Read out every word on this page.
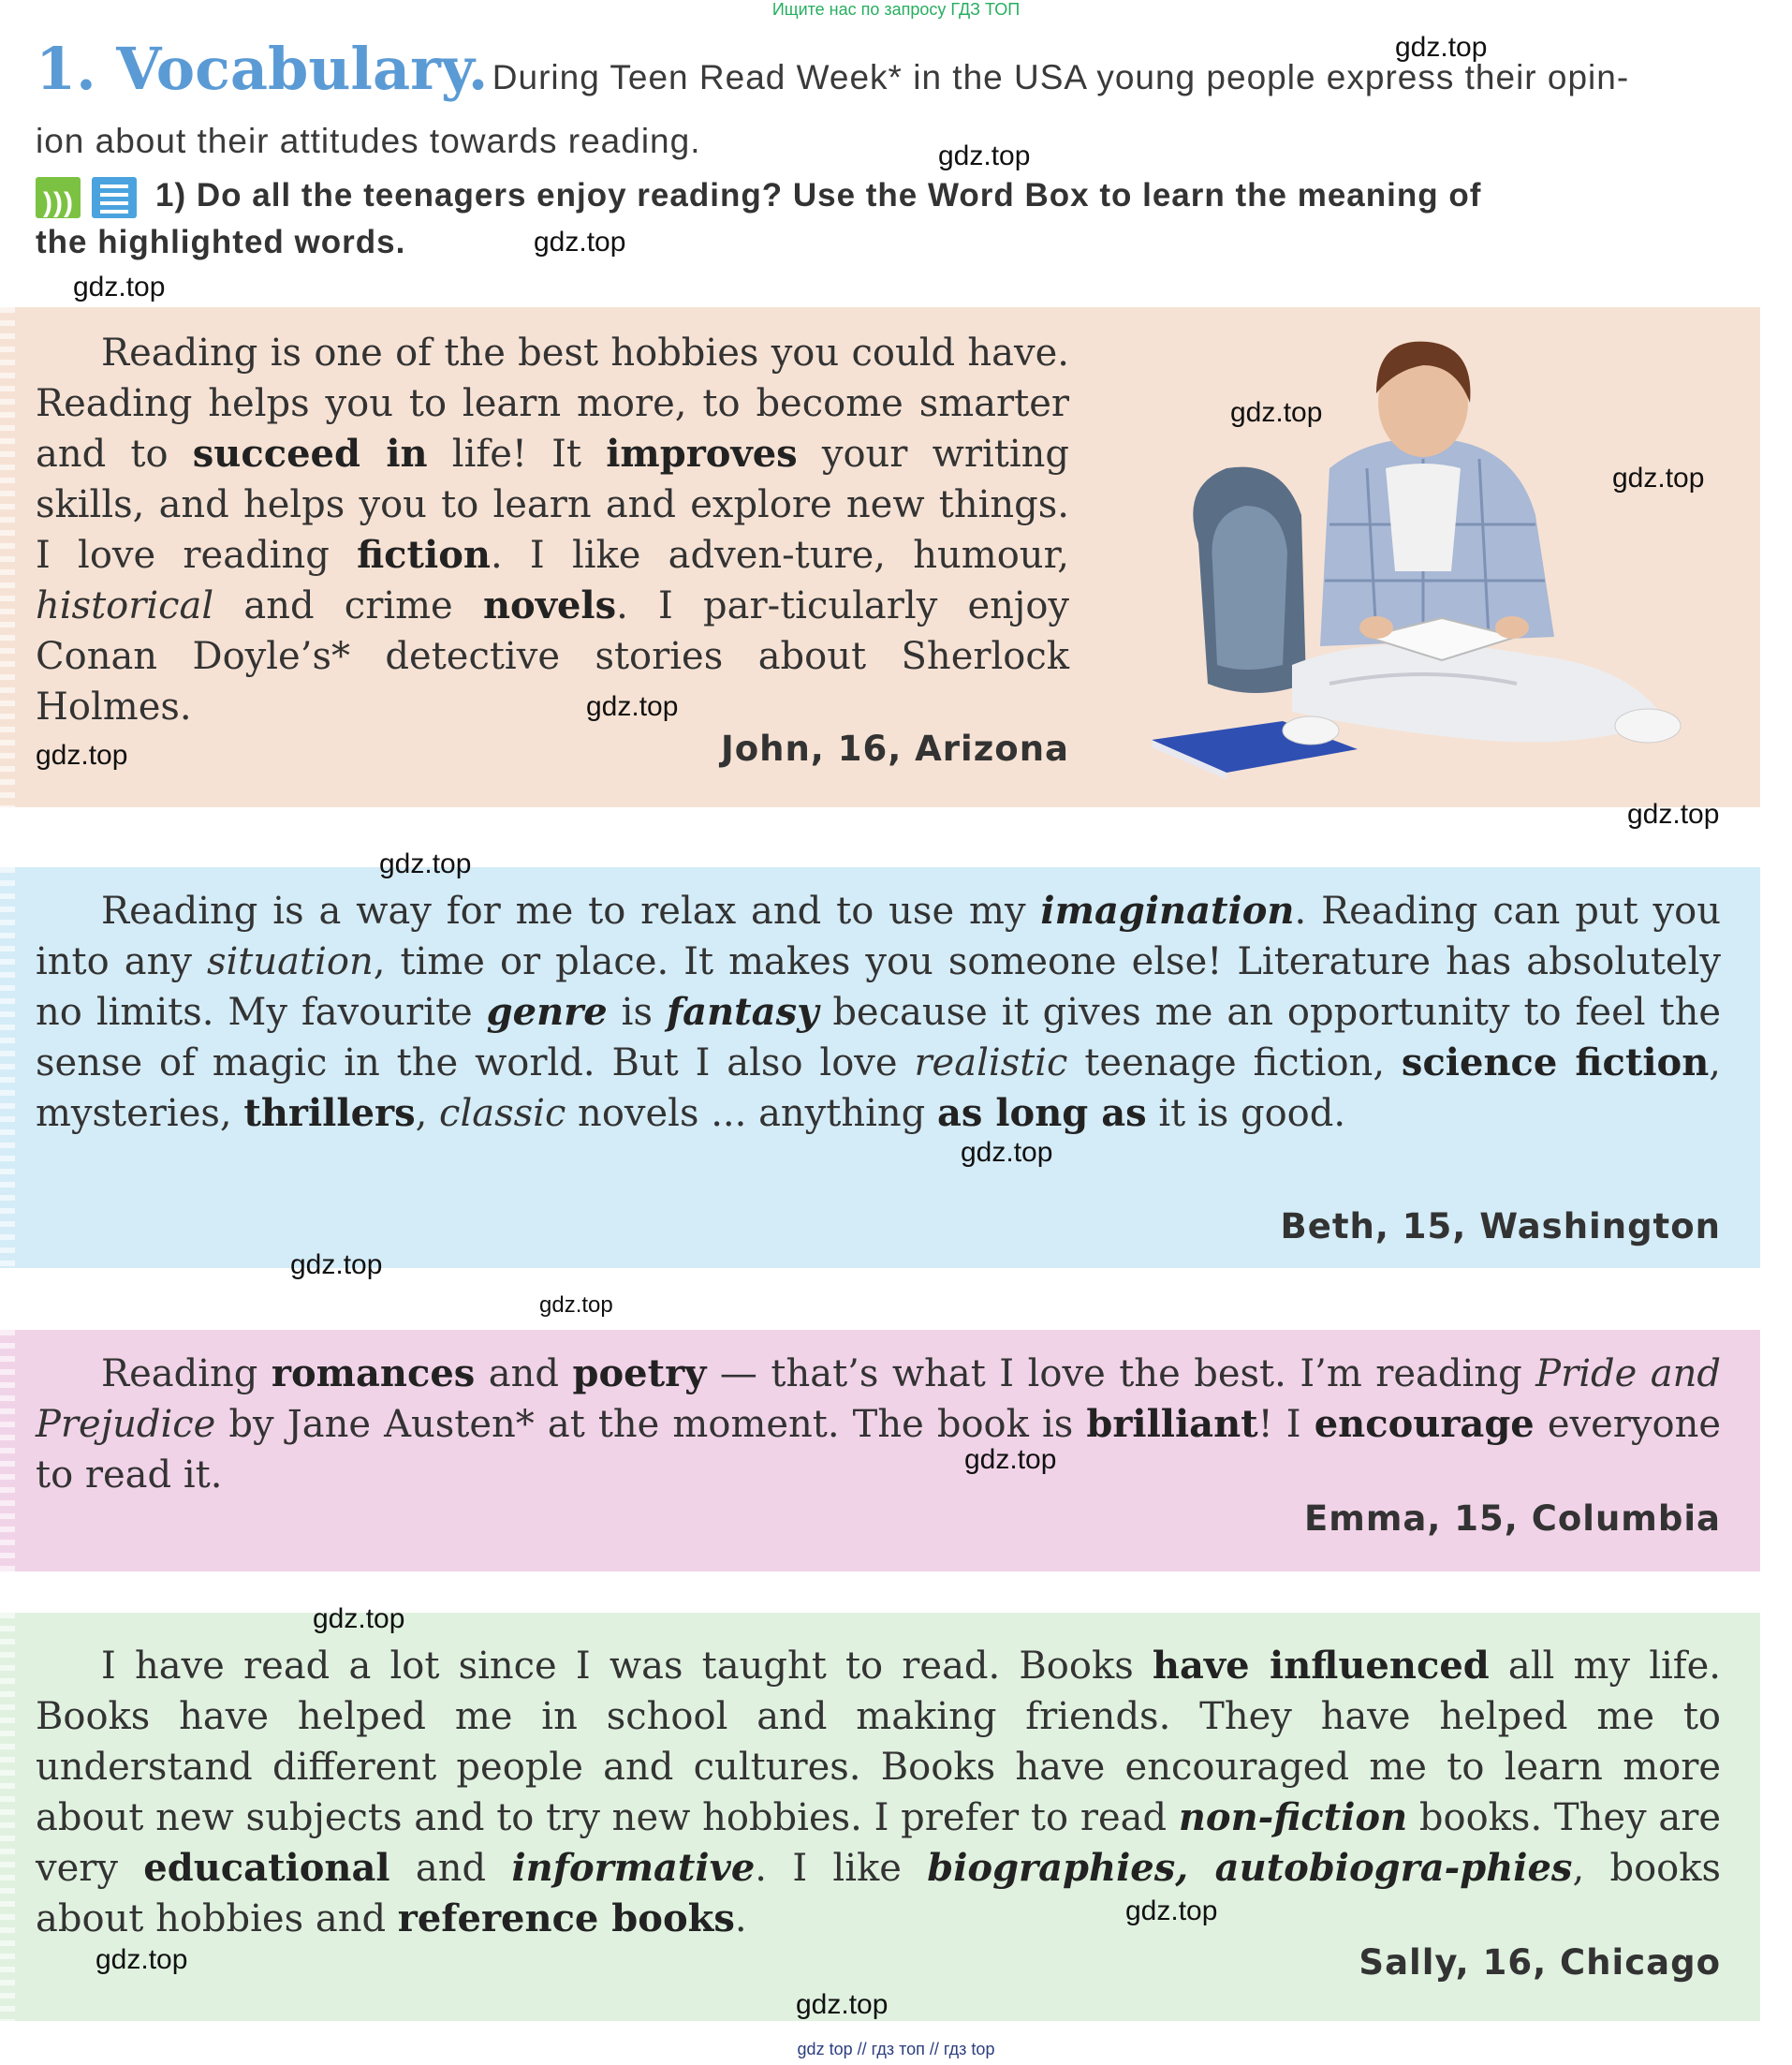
Ищите нас по запросу ГДЗ ТОП
1. Vocabulary. During Teen Read Week* in the USA young people express their opin-
ion about their attitudes towards reading.
))) 1) Do all the teenagers enjoy reading? Use the Word Box to learn the meaning of
the highlighted words.
Reading is one of the best hobbies you could have. Reading helps you to learn more, to become smarter and to succeed in life! It improves your writing skills, and helps you to learn and explore new things. I love reading fiction. I like adven-ture, humour, historical and crime novels. I par-ticularly enjoy Conan Doyle’s* detective stories about Sherlock Holmes.
John, 16, Arizona
Reading is a way for me to relax and to use my imagination. Reading can put you into any situation, time or place. It makes you someone else! Literature has absolutely no limits. My favourite genre is fantasy because it gives me an opportunity to feel the sense of magic in the world. But I also love realistic teenage fiction, science fiction, mysteries, thrillers, classic novels ... anything as long as it is good.
Beth, 15, Washington
Reading romances and poetry — that’s what I love the best. I’m reading Pride and Prejudice by Jane Austen* at the moment. The book is brilliant! I encourage everyone to read it.
Emma, 15, Columbia
I have read a lot since I was taught to read. Books have influenced all my life. Books have helped me in school and making friends. They have helped me to understand different people and cultures. Books have encouraged me to learn more about new subjects and to try new hobbies. I prefer to read non-fiction books. They are very educational and informative. I like biographies, autobiogra-phies, books about hobbies and reference books.
Sally, 16, Chicago
gdz.top
gdz.top
gdz.top
gdz.top
gdz.top
gdz.top
gdz.top
gdz.top
gdz.top
gdz.top
gdz.top
gdz.top
gdz.top
gdz.top
gdz.top
gdz.top
gdz.top
gdz.top
gdz top // гдз топ // гдз top
